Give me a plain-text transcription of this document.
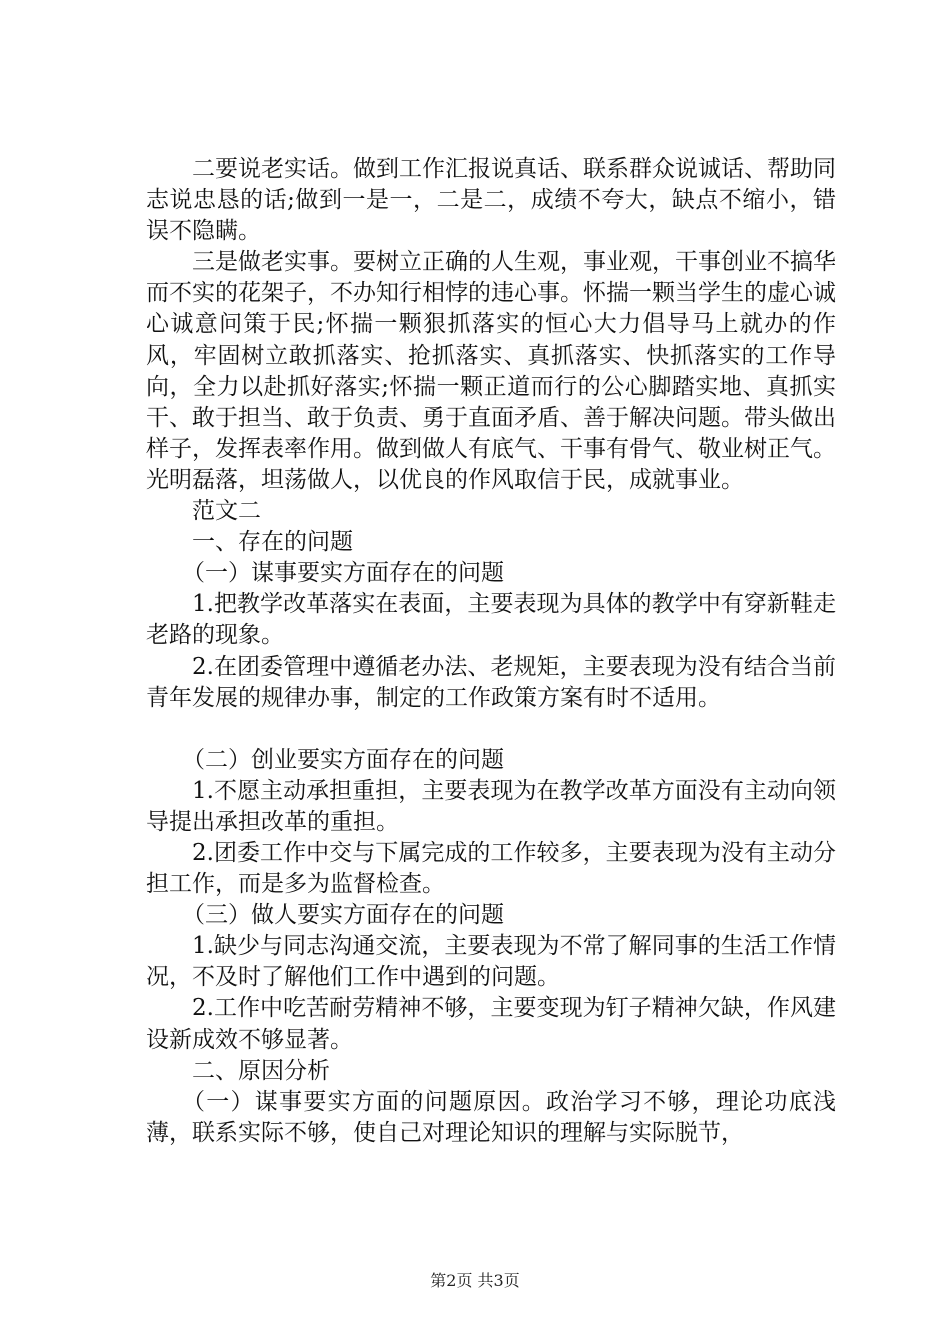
二要说老实话。做到工作汇报说真话、联系群众说诚话、帮助同志说忠恳的话;做到一是一，二是二，成绩不夸大，缺点不缩小，错误不隐瞒。

三是做老实事。要树立正确的人生观，事业观，干事创业不搞华而不实的花架子，不办知行相悖的违心事。怀揣一颗当学生的虚心诚心诚意问策于民;怀揣一颗狠抓落实的恒心大力倡导马上就办的作风，牢固树立敢抓落实、抢抓落实、真抓落实、快抓落实的工作导向，全力以赴抓好落实;怀揣一颗正道而行的公心脚踏实地、真抓实干、敢于担当、敢于负责、勇于直面矛盾、善于解决问题。带头做出样子，发挥表率作用。做到做人有底气、干事有骨气、敬业树正气。光明磊落，坦荡做人，以优良的作风取信于民，成就事业。

范文二

一、存在的问题

（一）谋事要实方面存在的问题

1.把教学改革落实在表面，主要表现为具体的教学中有穿新鞋走老路的现象。

2.在团委管理中遵循老办法、老规矩，主要表现为没有结合当前青年发展的规律办事，制定的工作政策方案有时不适用。

（二）创业要实方面存在的问题

1.不愿主动承担重担，主要表现为在教学改革方面没有主动向领导提出承担改革的重担。

2.团委工作中交与下属完成的工作较多，主要表现为没有主动分担工作，而是多为监督检查。

（三）做人要实方面存在的问题

1.缺少与同志沟通交流，主要表现为不常了解同事的生活工作情况，不及时了解他们工作中遇到的问题。

2.工作中吃苦耐劳精神不够，主要变现为钉子精神欠缺，作风建设新成效不够显著。

二、原因分析

（一）谋事要实方面的问题原因。政治学习不够，理论功底浅薄，联系实际不够，使自己对理论知识的理解与实际脱节，

第2页 共3页
